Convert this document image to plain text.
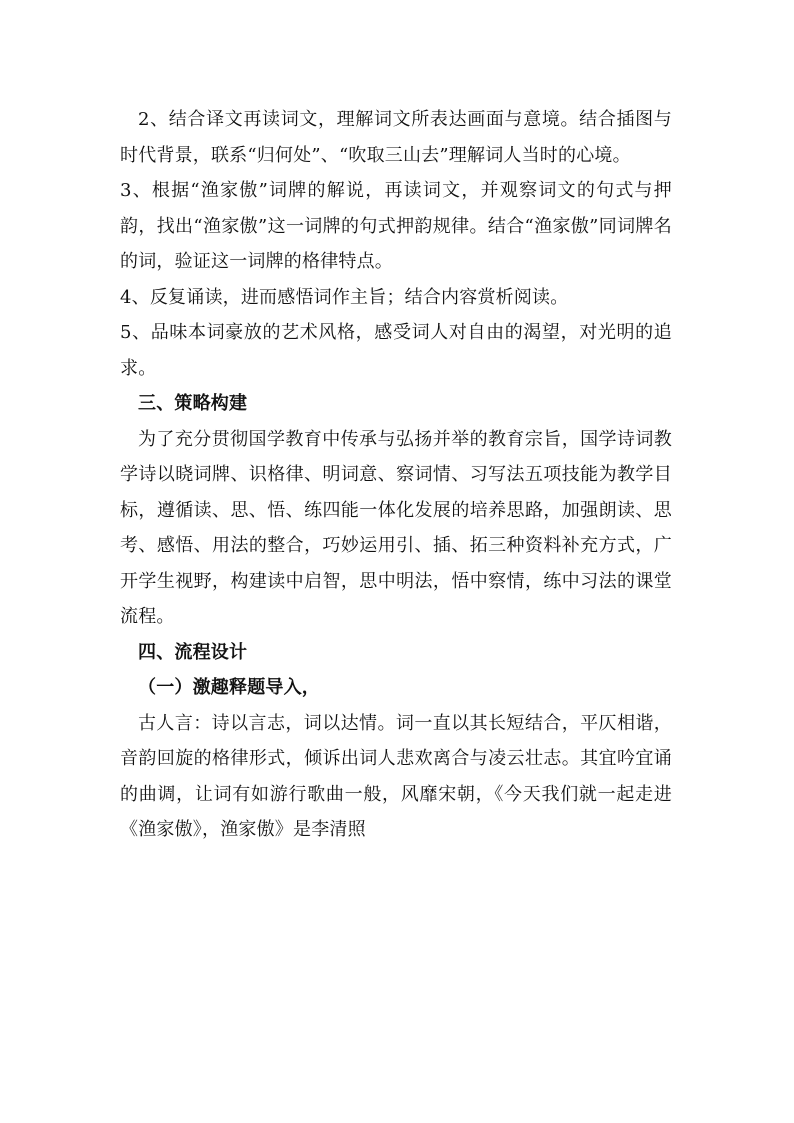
2、结合译文再读词文，理解词文所表达画面与意境。结合插图与时代背景，联系“归何处”、“吹取三山去”理解词人当时的心境。

3、根据“渔家傲”词牌的解说，再读词文，并观察词文的句式与押韵，找出“渔家傲”这一词牌的句式押韵规律。结合“渔家傲”同词牌名的词，验证这一词牌的格律特点。

4、反复诵读，进而感悟词作主旨；结合内容赏析阅读。

5、品味本词豪放的艺术风格，感受词人对自由的渴望，对光明的追求。

三、策略构建

为了充分贯彻国学教育中传承与弘扬并举的教育宗旨，国学诗词教学诗以晓词牌、识格律、明词意、察词情、习写法五项技能为教学目标，遵循读、思、悟、练四能一体化发展的培养思路，加强朗读、思考、感悟、用法的整合，巧妙运用引、插、拓三种资料补充方式，广开学生视野，构建读中启智，思中明法，悟中察情，练中习法的课堂流程。

四、流程设计

（一）激趣释题导入，

古人言：诗以言志，词以达情。词一直以其长短结合，平仄相谐，音韵回旋的格律形式，倾诉出词人悲欢离合与凌云壮志。其宜吟宜诵的曲调，让词有如游行歌曲一般，风靡宋朝，《今天我们就一起走进《渔家傲》，渔家傲》是李清照
